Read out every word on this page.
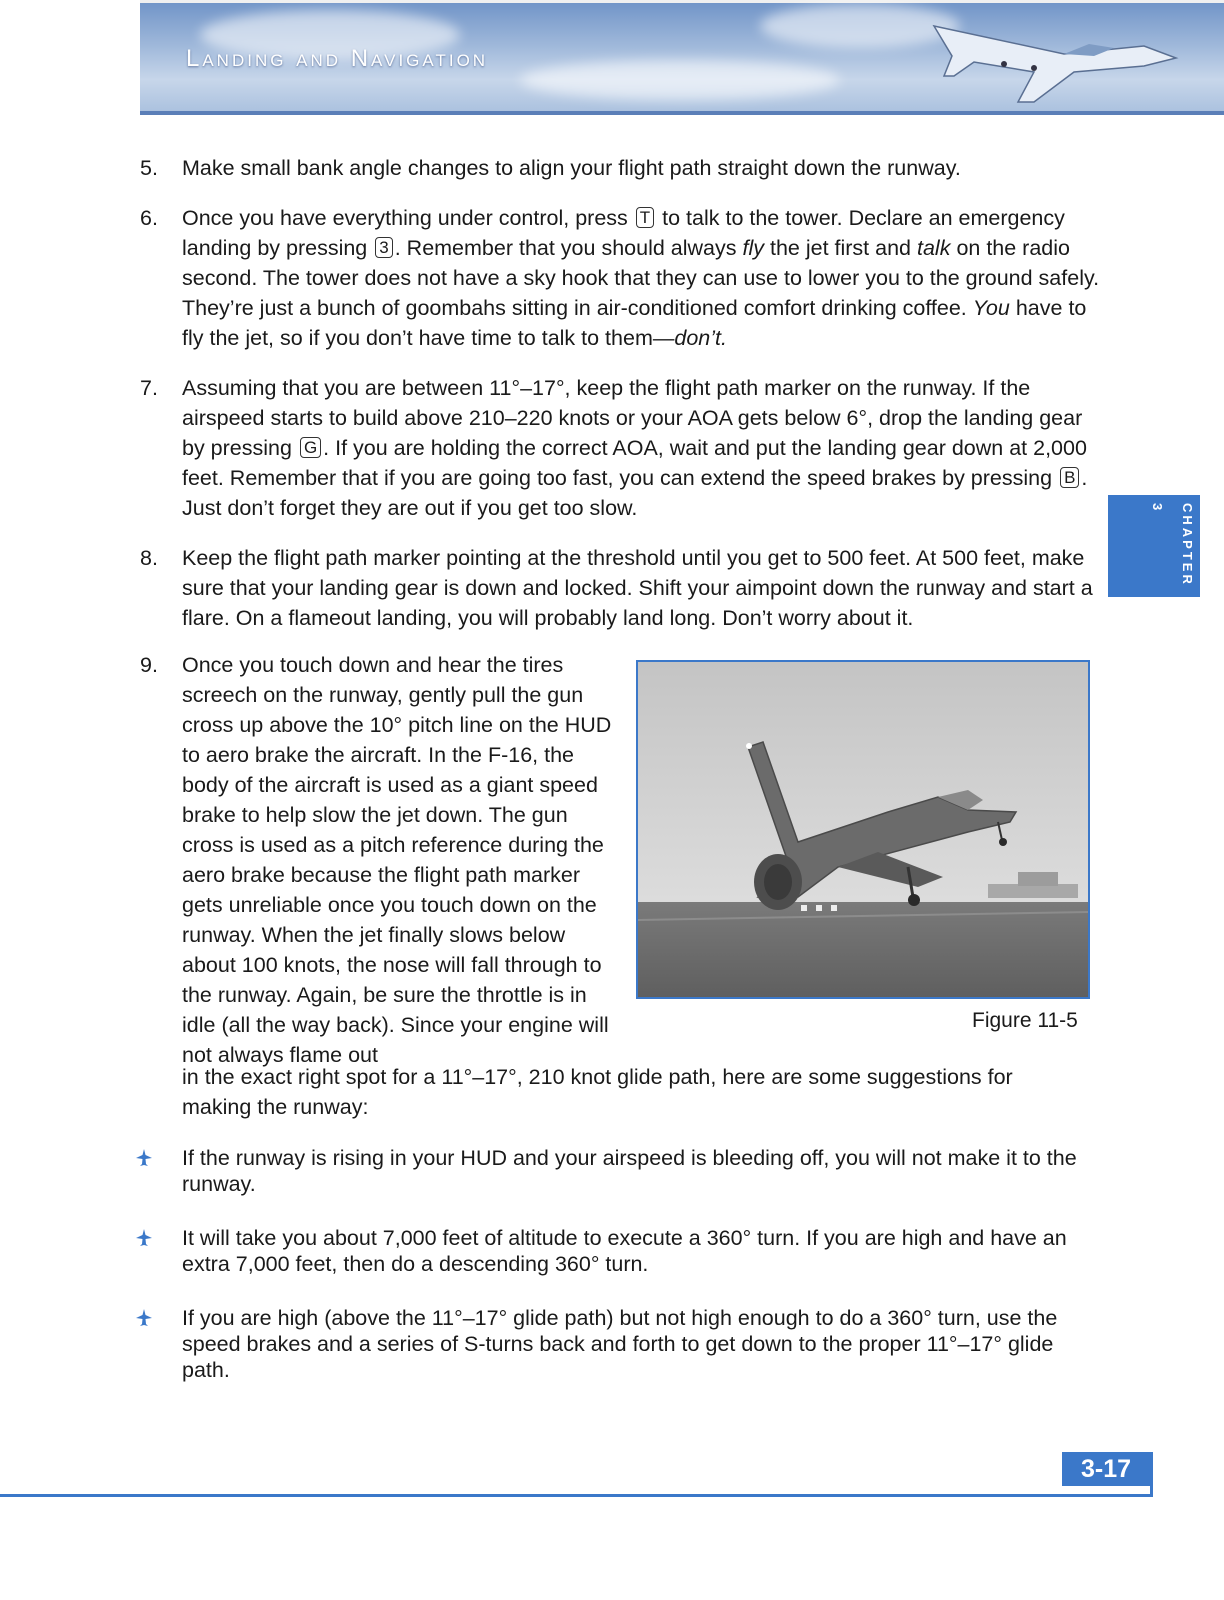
Landing and Navigation
CHAPTER 3
5. Make small bank angle changes to align your flight path straight down the runway.
6. Once you have everything under control, press T to talk to the tower. Declare an emergency landing by pressing 3 . Remember that you should always fly the jet first and talk on the radio second. The tower does not have a sky hook that they can use to lower you to the ground safely. They’re just a bunch of goombahs sitting in air-conditioned comfort drinking coffee. You have to fly the jet, so if you don’t have time to talk to them—don’t.
7. Assuming that you are between 11°–17°, keep the flight path marker on the runway. If the airspeed starts to build above 210–220 knots or your AOA gets below 6°, drop the landing gear by pressing G . If you are holding the correct AOA, wait and put the landing gear down at 2,000 feet. Remember that if you are going too fast, you can extend the speed brakes by pressing B . Just don’t forget they are out if you get too slow.
8. Keep the flight path marker pointing at the threshold until you get to 500 feet. At 500 feet, make sure that your landing gear is down and locked. Shift your aimpoint down the runway and start a flare. On a flameout landing, you will probably land long. Don’t worry about it.
9. Once you touch down and hear the tires screech on the runway, gently pull the gun cross up above the 10° pitch line on the HUD to aero brake the aircraft. In the F-16, the body of the aircraft is used as a giant speed brake to help slow the jet down. The gun cross is used as a pitch reference during the aero brake because the flight path marker gets unreliable once you touch down on the runway. When the jet finally slows below about 100 knots, the nose will fall through to the runway. Again, be sure the throttle is in idle (all the way back). Since your engine will not always flame out
in the exact right spot for a 11°–17°, 210 knot glide path, here are some suggestions for making the runway:
Figure 11-5
If the runway is rising in your HUD and your airspeed is bleeding off, you will not make it to the runway.
It will take you about 7,000 feet of altitude to execute a 360° turn. If you are high and have an extra 7,000 feet, then do a descending 360° turn.
If you are high (above the 11°–17° glide path) but not high enough to do a 360° turn, use the speed brakes and a series of S-turns back and forth to get down to the proper 11°–17° glide path.
3-17
